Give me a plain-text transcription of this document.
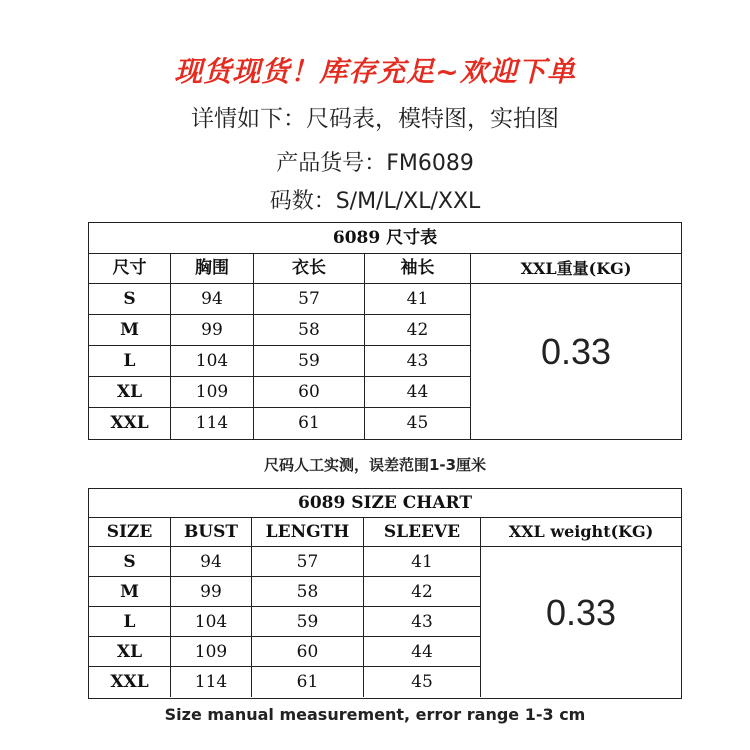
现货现货！库存充足~欢迎下单
详情如下：尺码表，模特图，实拍图
产品货号：FM6089
码数：S/M/L/XL/XXL
6089 尺寸表
尺寸	胸围	衣长	袖长	XXL重量(KG)
S	94	57	41
M	99	58	42
L	104	59	43
XL	109	60	44
XXL	114	61	45
0.33
尺码人工实测，误差范围1-3厘米
6089 SIZE CHART
SIZE	BUST	LENGTH	SLEEVE	XXL weight(KG)
S	94	57	41
M	99	58	42
L	104	59	43
XL	109	60	44
XXL	114	61	45
0.33
Size manual measurement, error range 1-3 cm
